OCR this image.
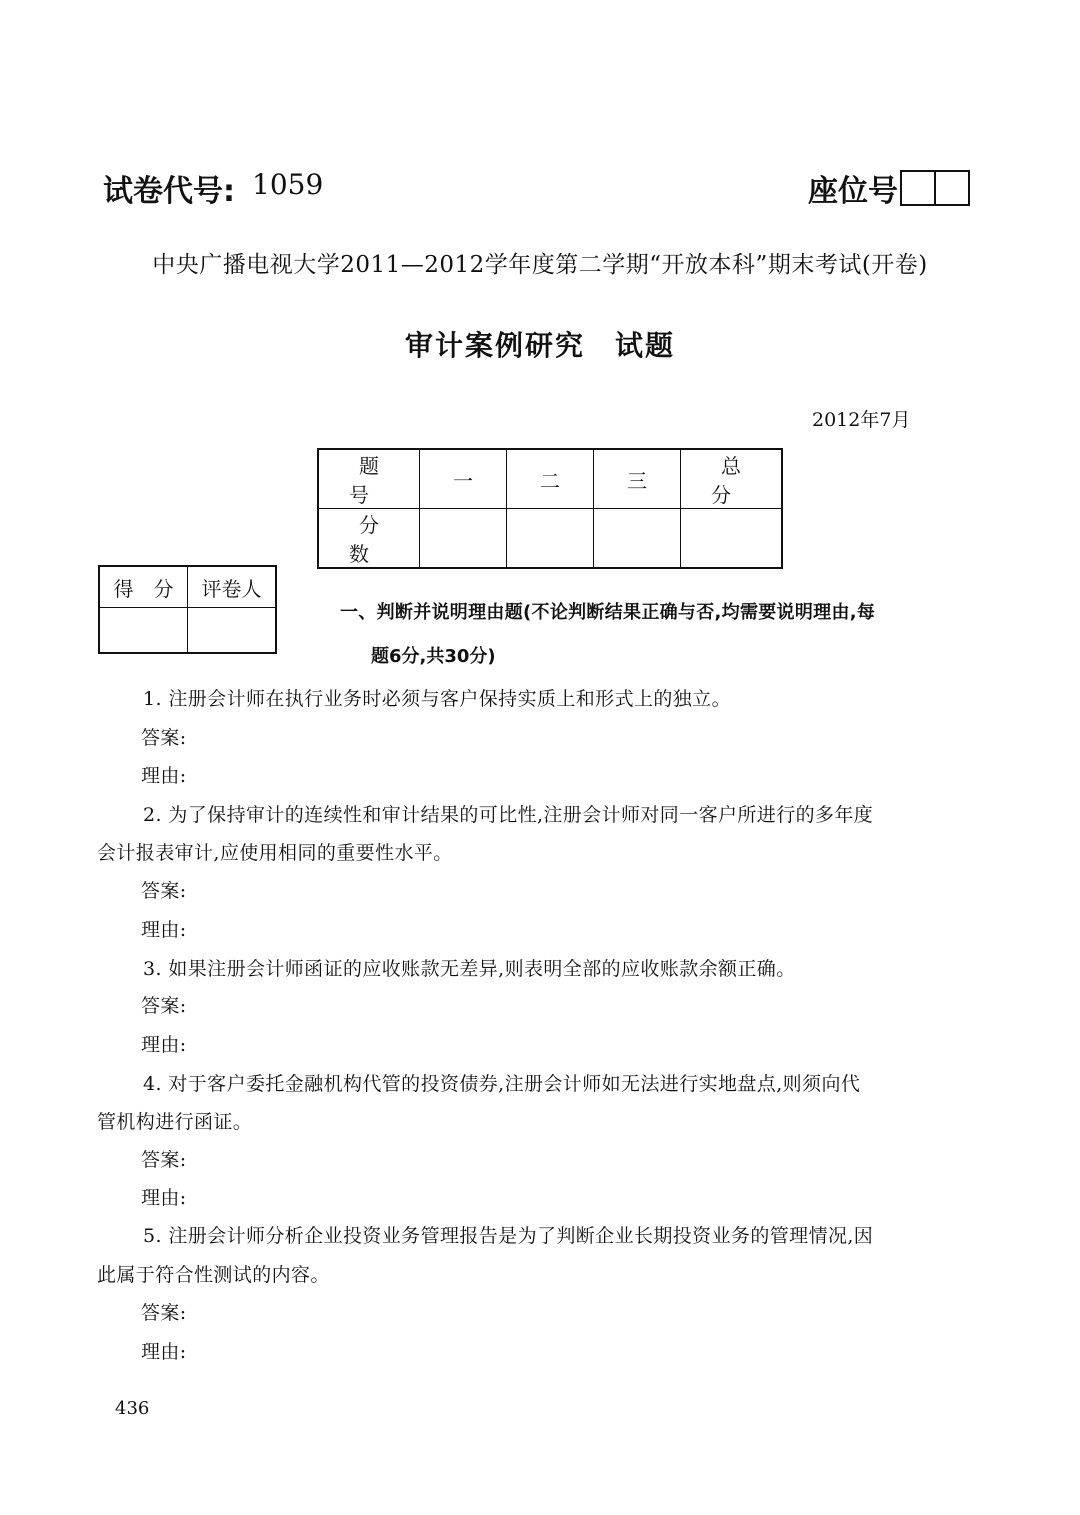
试卷代号: 1059	座位号
中央广播电视大学2011—2012学年度第二学期“开放本科”期末考试(开卷)
审计案例研究　试题
2012年7月
题　号	一	二	三	总　分
分　数				
得　分	评卷人

一、判断并说明理由题(不论判断结果正确与否,均需要说明理由,每
题6分,共30分)
1. 注册会计师在执行业务时必须与客户保持实质上和形式上的独立。
答案:
理由:
2. 为了保持审计的连续性和审计结果的可比性,注册会计师对同一客户所进行的多年度
会计报表审计,应使用相同的重要性水平。
答案:
理由:
3. 如果注册会计师函证的应收账款无差异,则表明全部的应收账款余额正确。
答案:
理由:
4. 对于客户委托金融机构代管的投资债券,注册会计师如无法进行实地盘点,则须向代
管机构进行函证。
答案:
理由:
5. 注册会计师分析企业投资业务管理报告是为了判断企业长期投资业务的管理情况,因
此属于符合性测试的内容。
答案:
理由:
436
